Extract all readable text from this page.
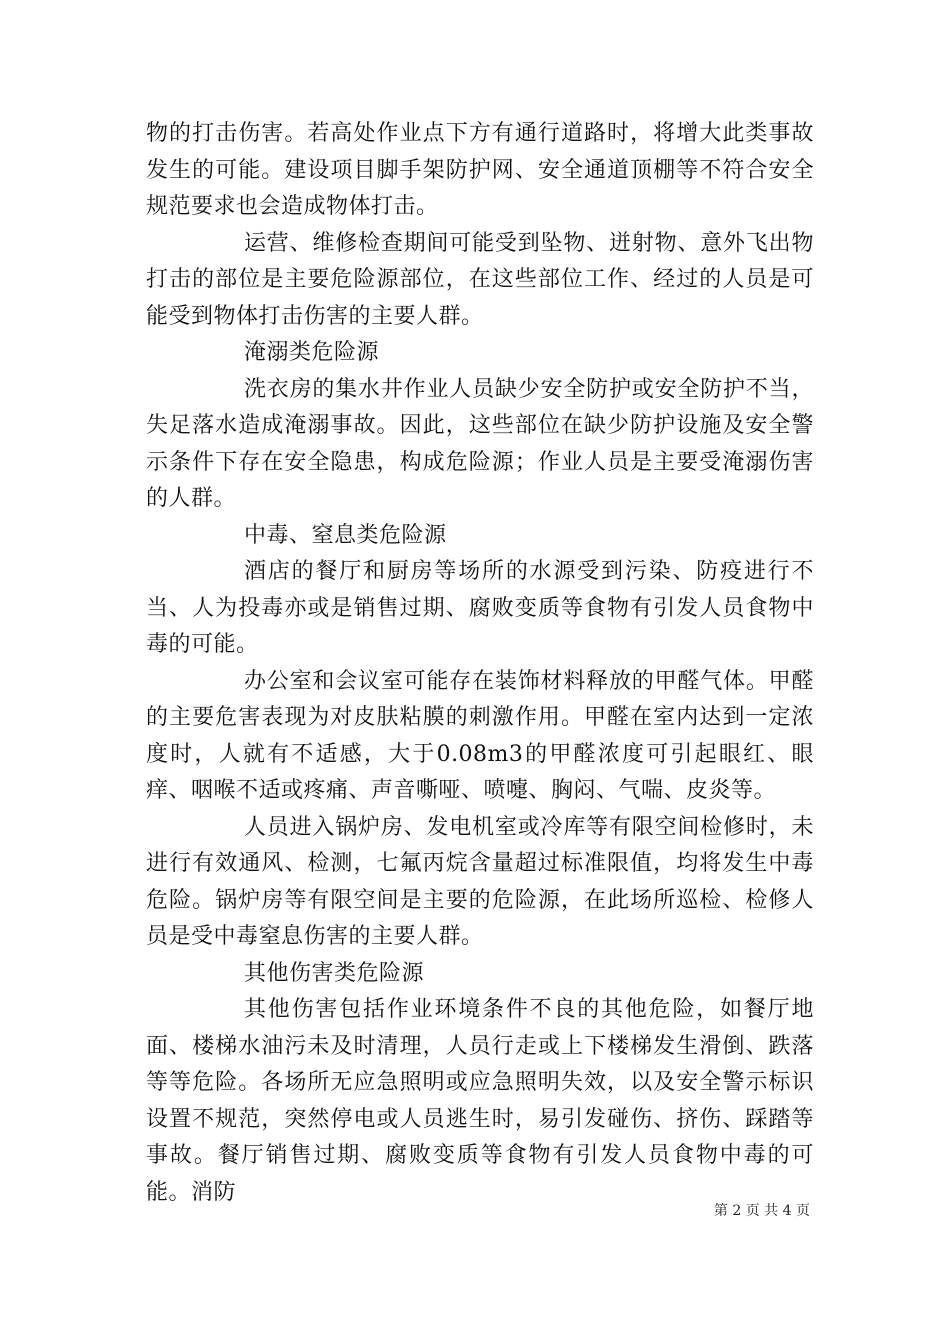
物的打击伤害。若高处作业点下方有通行道路时，将增大此类事故发生的可能。建设项目脚手架防护网、安全通道顶棚等不符合安全规范要求也会造成物体打击。

运营、维修检查期间可能受到坠物、迸射物、意外飞出物打击的部位是主要危险源部位，在这些部位工作、经过的人员是可能受到物体打击伤害的主要人群。

淹溺类危险源

洗衣房的集水井作业人员缺少安全防护或安全防护不当，失足落水造成淹溺事故。因此，这些部位在缺少防护设施及安全警示条件下存在安全隐患，构成危险源；作业人员是主要受淹溺伤害的人群。

中毒、窒息类危险源

酒店的餐厅和厨房等场所的水源受到污染、防疫进行不当、人为投毒亦或是销售过期、腐败变质等食物有引发人员食物中毒的可能。

办公室和会议室可能存在装饰材料释放的甲醛气体。甲醛的主要危害表现为对皮肤粘膜的刺激作用。甲醛在室内达到一定浓度时，人就有不适感，大于0.08m3的甲醛浓度可引起眼红、眼痒、咽喉不适或疼痛、声音嘶哑、喷嚏、胸闷、气喘、皮炎等。

人员进入锅炉房、发电机室或冷库等有限空间检修时，未进行有效通风、检测，七氟丙烷含量超过标准限值，均将发生中毒危险。锅炉房等有限空间是主要的危险源，在此场所巡检、检修人员是受中毒窒息伤害的主要人群。

其他伤害类危险源

其他伤害包括作业环境条件不良的其他危险，如餐厅地面、楼梯水油污未及时清理，人员行走或上下楼梯发生滑倒、跌落等等危险。各场所无应急照明或应急照明失效，以及安全警示标识设置不规范，突然停电或人员逃生时，易引发碰伤、挤伤、踩踏等事故。餐厅销售过期、腐败变质等食物有引发人员食物中毒的可能。消防

第 2 页 共 4 页
